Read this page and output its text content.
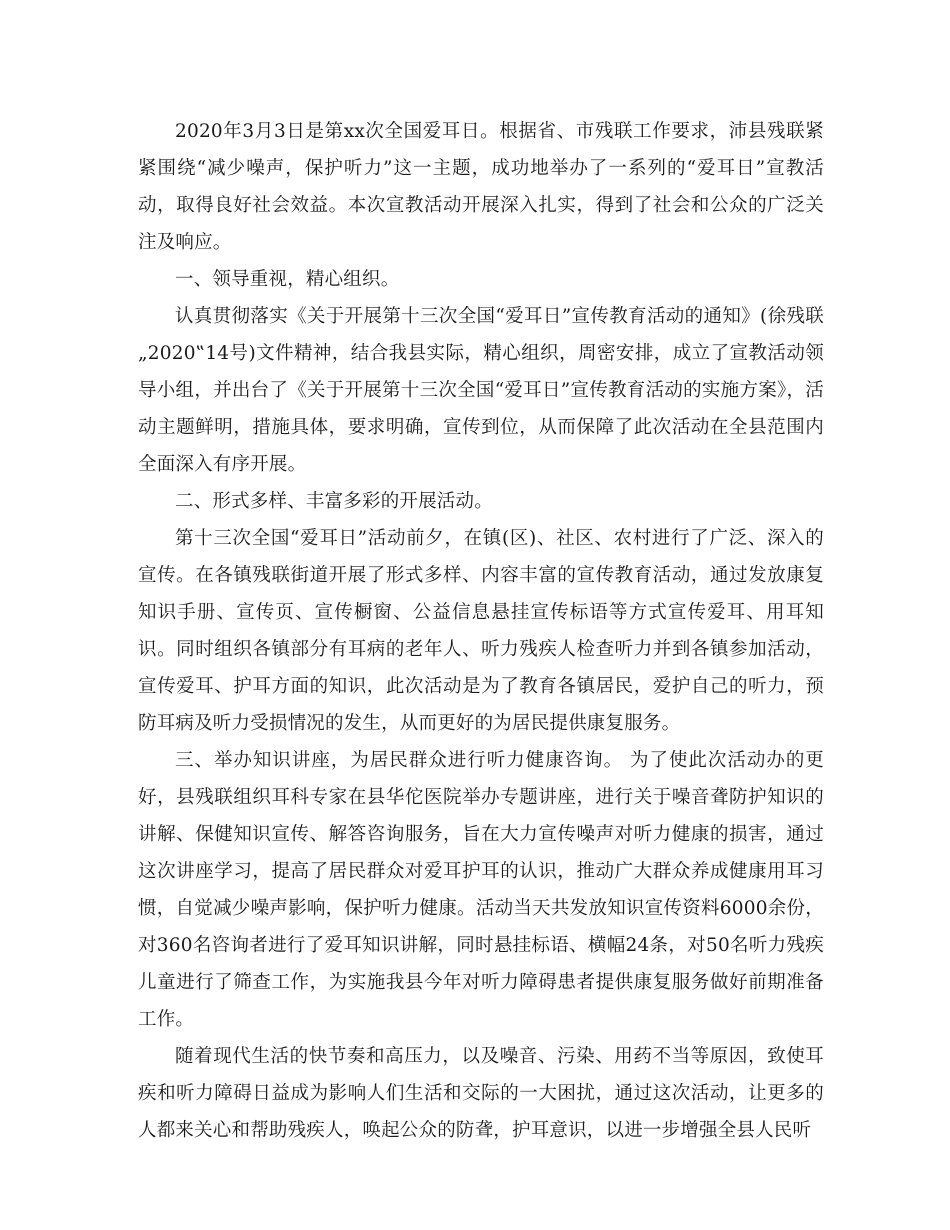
2020年3月3日是第xx次全国爱耳日。根据省、市残联工作要求，沛县残联紧紧围绕“减少噪声，保护听力”这一主题，成功地举办了一系列的“爱耳日”宣教活动，取得良好社会效益。本次宣教活动开展深入扎实，得到了社会和公众的广泛关注及响应。

一、领导重视，精心组织。

认真贯彻落实《关于开展第十三次全国“爱耳日”宣传教育活动的通知》(徐残联„2020‟14号)文件精神，结合我县实际，精心组织，周密安排，成立了宣教活动领导小组，并出台了《关于开展第十三次全国“爱耳日”宣传教育活动的实施方案》，活动主题鲜明，措施具体，要求明确，宣传到位，从而保障了此次活动在全县范围内全面深入有序开展。

二、形式多样、丰富多彩的开展活动。

第十三次全国“爱耳日”活动前夕，在镇(区)、社区、农村进行了广泛、深入的宣传。在各镇残联街道开展了形式多样、内容丰富的宣传教育活动，通过发放康复知识手册、宣传页、宣传橱窗、公益信息悬挂宣传标语等方式宣传爱耳、用耳知识。同时组织各镇部分有耳病的老年人、听力残疾人检查听力并到各镇参加活动，宣传爱耳、护耳方面的知识，此次活动是为了教育各镇居民，爱护自己的听力，预防耳病及听力受损情况的发生，从而更好的为居民提供康复服务。

三、举办知识讲座，为居民群众进行听力健康咨询。 为了使此次活动办的更好，县残联组织耳科专家在县华佗医院举办专题讲座，进行关于噪音聋防护知识的讲解、保健知识宣传、解答咨询服务，旨在大力宣传噪声对听力健康的损害，通过这次讲座学习，提高了居民群众对爱耳护耳的认识，推动广大群众养成健康用耳习惯，自觉减少噪声影响，保护听力健康。活动当天共发放知识宣传资料6000余份，对360名咨询者进行了爱耳知识讲解，同时悬挂标语、横幅24条，对50名听力残疾儿童进行了筛查工作，为实施我县今年对听力障碍患者提供康复服务做好前期准备工作。

随着现代生活的快节奏和高压力，以及噪音、污染、用药不当等原因，致使耳疾和听力障碍日益成为影响人们生活和交际的一大困扰，通过这次活动，让更多的人都来关心和帮助残疾人，唤起公众的防聋，护耳意识，以进一步增强全县人民听
